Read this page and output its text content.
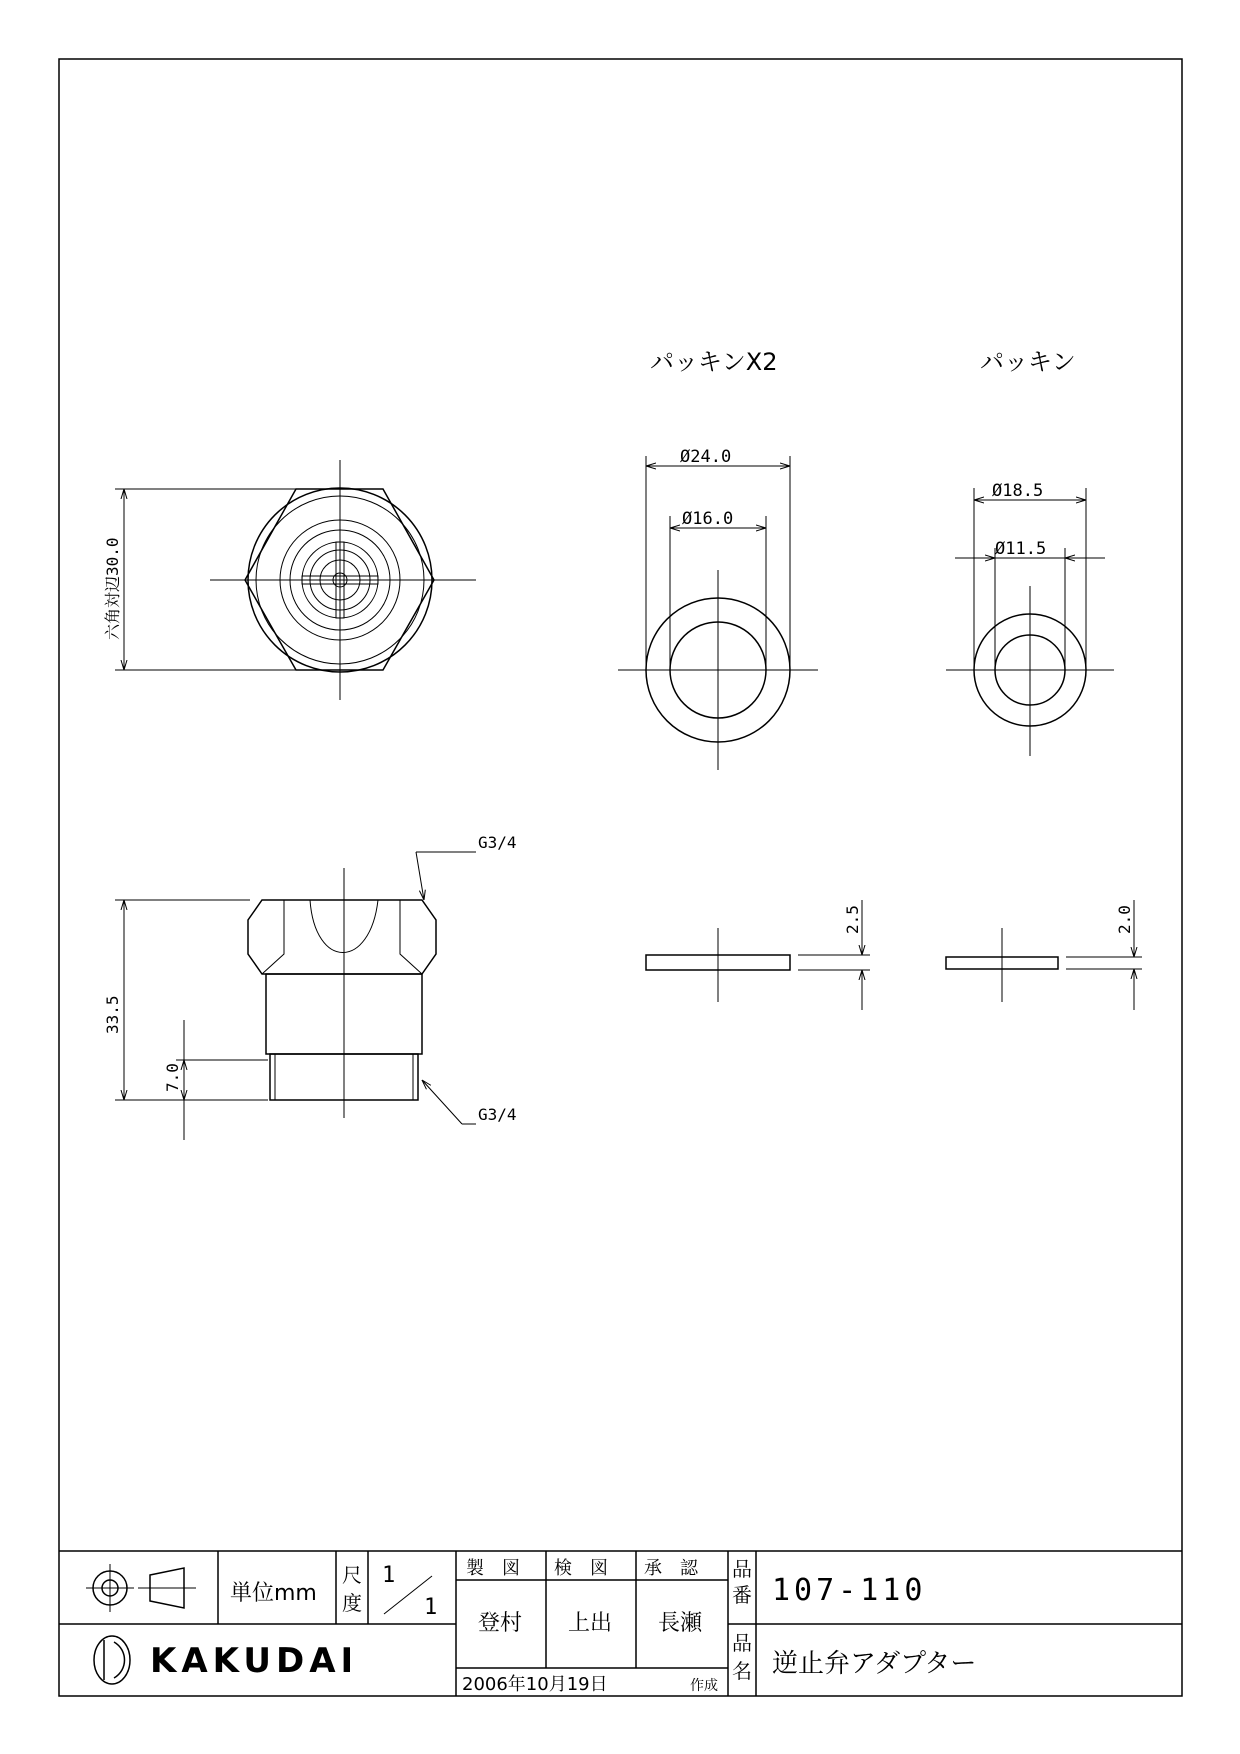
六角対辺30.0
33.5
7.0
G3/4
G3/4
パッキンX2
Ø24.0
Ø16.0
パッキン
Ø18.5
Ø11.5
2.5	2.0
単位mm
尺
度
1
1
製　図 検　図 承　認
登村 上出 長瀬
2006年10月19日	作成
品
番
品
名
107-110
逆止弁アダプター
KAKUDAI
